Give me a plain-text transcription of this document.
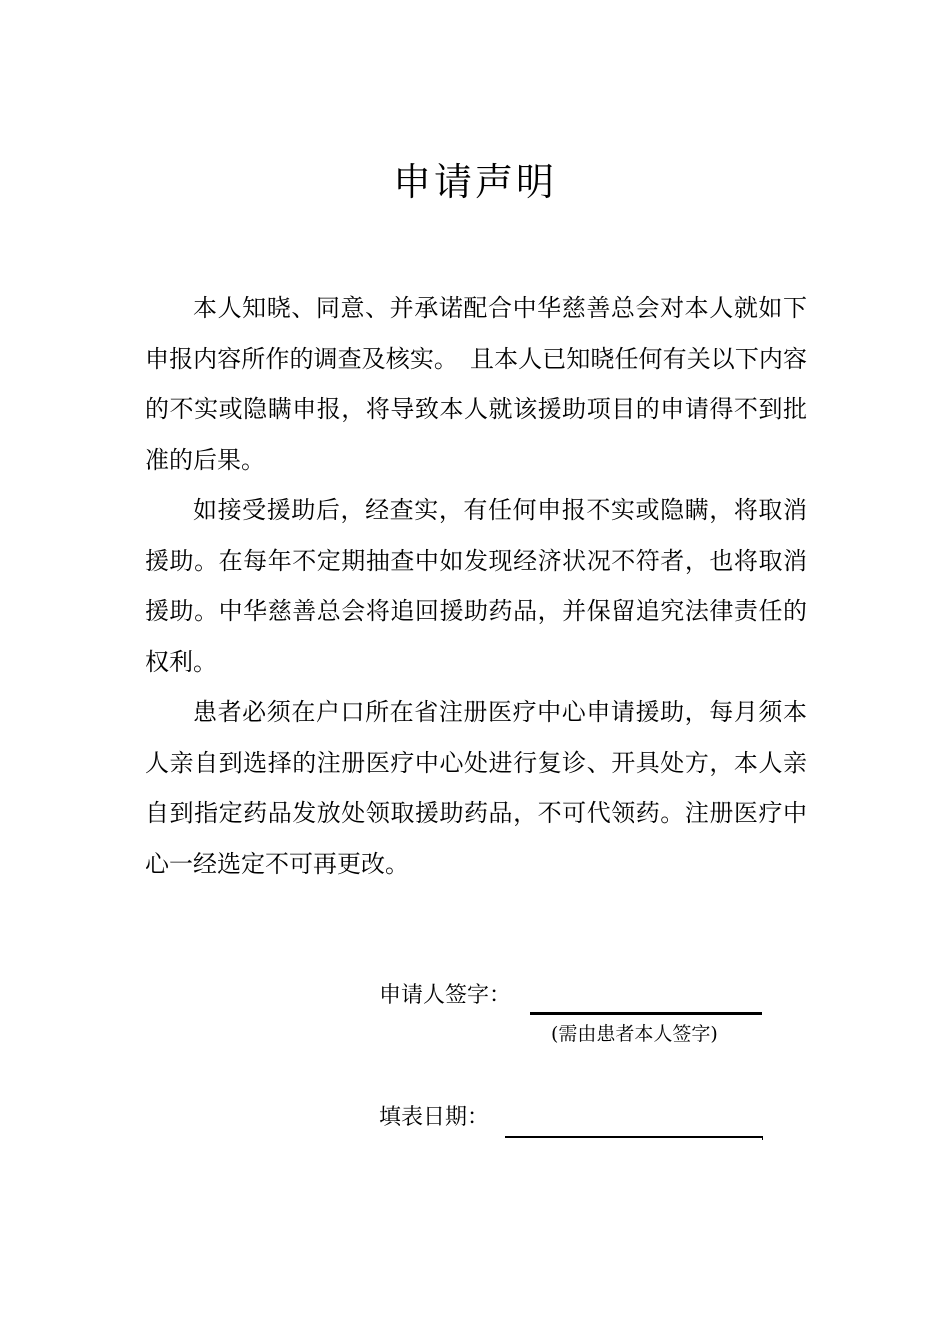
申请声明

本人知晓、同意、并承诺配合中华慈善总会对本人就如下申报内容所作的调查及核实。　且本人已知晓任何有关以下内容的不实或隐瞒申报，将导致本人就该援助项目的申请得不到批准的后果。

如接受援助后，经查实，有任何申报不实或隐瞒，将取消援助。在每年不定期抽查中如发现经济状况不符者，也将取消援助。中华慈善总会将追回援助药品，并保留追究法律责任的权利。

患者必须在户口所在省注册医疗中心申请援助，每月须本人亲自到选择的注册医疗中心处进行复诊、开具处方，本人亲自到指定药品发放处领取援助药品，不可代领药。注册医疗中心一经选定不可再更改。

申请人签字：
(需由患者本人签字)
填表日期：
